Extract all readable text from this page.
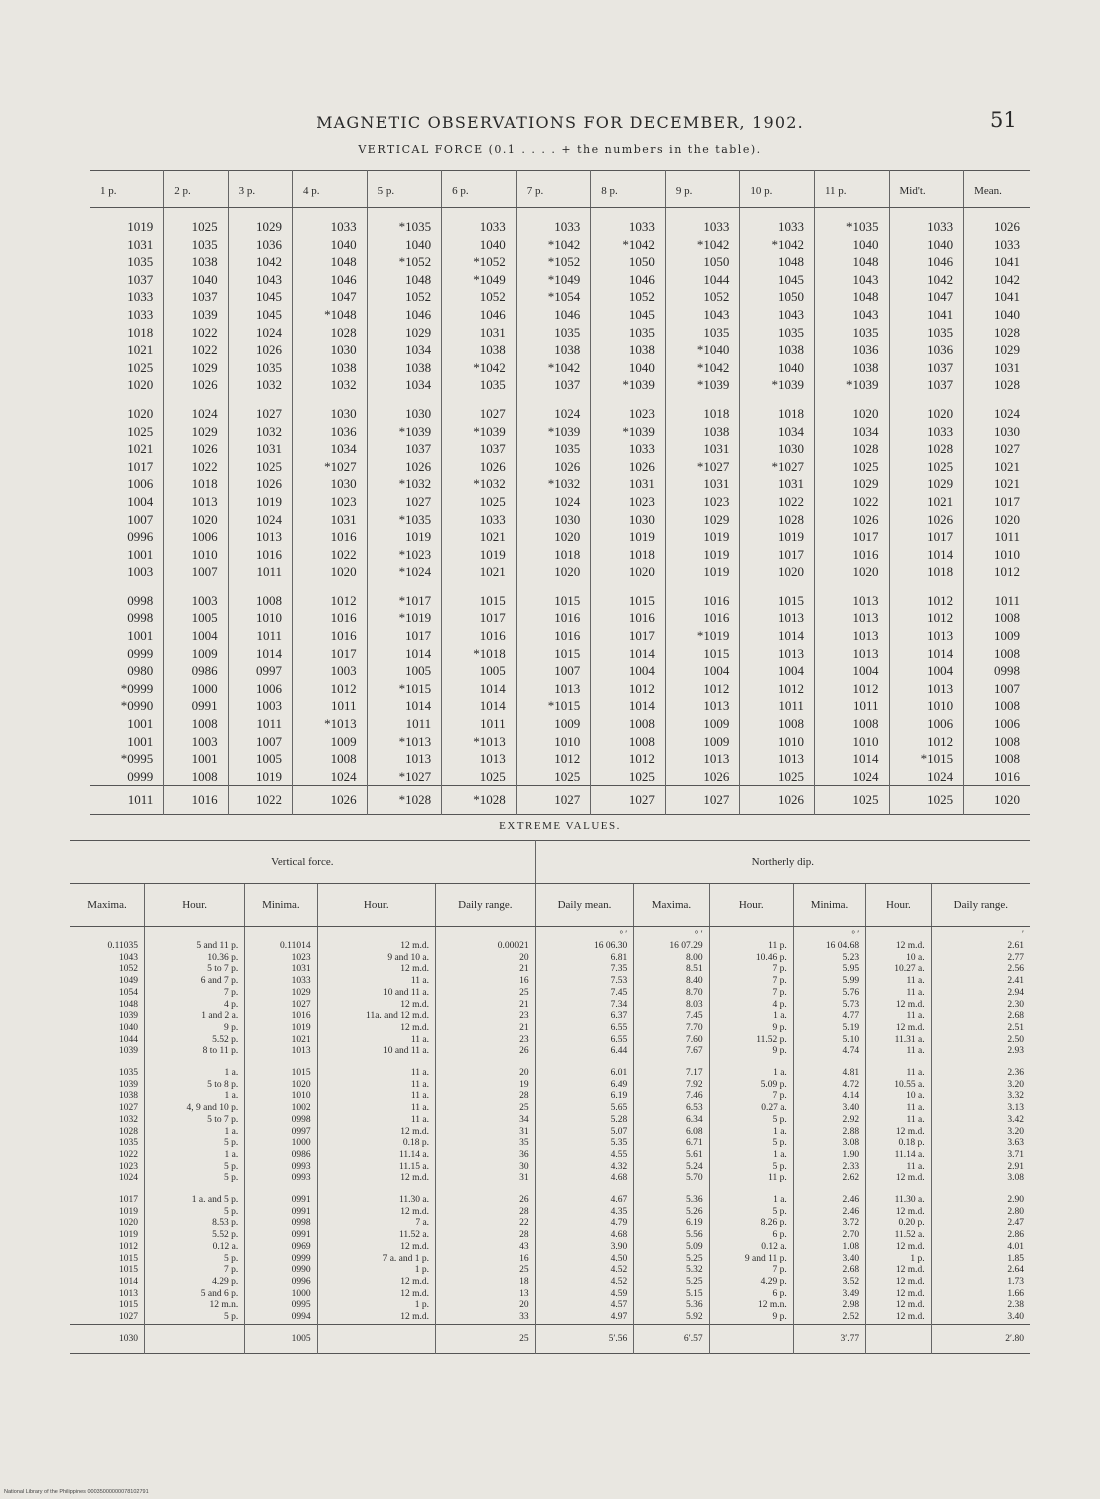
MAGNETIC OBSERVATIONS FOR DECEMBER, 1902.	51
VERTICAL FORCE (0.1 . . . . + the numbers in the table).
1 p.	2 p.	3 p.	4 p.	5 p.	6 p.	7 p.	8 p.	9 p.	10 p.	11 p.	Mid't.	Mean.

1019	1025	1029	1033	*1035	1033	1033	1033	1033	1033	*1035	1033	1026
1031	1035	1036	1040	1040	1040	*1042	*1042	*1042	*1042	1040	1040	1033
1035	1038	1042	1048	*1052	*1052	*1052	1050	1050	1048	1048	1046	1041
1037	1040	1043	1046	1048	*1049	*1049	1046	1044	1045	1043	1042	1042
1033	1037	1045	1047	1052	1052	*1054	1052	1052	1050	1048	1047	1041
1033	1039	1045	*1048	1046	1046	1046	1045	1043	1043	1043	1041	1040
1018	1022	1024	1028	1029	1031	1035	1035	1035	1035	1035	1035	1028
1021	1022	1026	1030	1034	1038	1038	1038	*1040	1038	1036	1036	1029
1025	1029	1035	1038	1038	*1042	*1042	1040	*1042	1040	1038	1037	1031
1020	1026	1032	1032	1034	1035	1037	*1039	*1039	*1039	*1039	1037	1028

1020	1024	1027	1030	1030	1027	1024	1023	1018	1018	1020	1020	1024
1025	1029	1032	1036	*1039	*1039	*1039	*1039	1038	1034	1034	1033	1030
1021	1026	1031	1034	1037	1037	1035	1033	1031	1030	1028	1028	1027
1017	1022	1025	*1027	1026	1026	1026	1026	*1027	*1027	1025	1025	1021
1006	1018	1026	1030	*1032	*1032	*1032	1031	1031	1031	1029	1029	1021
1004	1013	1019	1023	1027	1025	1024	1023	1023	1022	1022	1021	1017
1007	1020	1024	1031	*1035	1033	1030	1030	1029	1028	1026	1026	1020
0996	1006	1013	1016	1019	1021	1020	1019	1019	1019	1017	1017	1011
1001	1010	1016	1022	*1023	1019	1018	1018	1019	1017	1016	1014	1010
1003	1007	1011	1020	*1024	1021	1020	1020	1019	1020	1020	1018	1012

0998	1003	1008	1012	*1017	1015	1015	1015	1016	1015	1013	1012	1011
0998	1005	1010	1016	*1019	1017	1016	1016	1016	1013	1013	1012	1008
1001	1004	1011	1016	1017	1016	1016	1017	*1019	1014	1013	1013	1009
0999	1009	1014	1017	1014	*1018	1015	1014	1015	1013	1013	1014	1008
0980	0986	0997	1003	1005	1005	1007	1004	1004	1004	1004	1004	0998
*0999	1000	1006	1012	*1015	1014	1013	1012	1012	1012	1012	1013	1007
*0990	0991	1003	1011	1014	1014	*1015	1014	1013	1011	1011	1010	1008
1001	1008	1011	*1013	1011	1011	1009	1008	1009	1008	1008	1006	1006
1001	1003	1007	1009	*1013	*1013	1010	1008	1009	1010	1010	1012	1008
*0995	1001	1005	1008	1013	1013	1012	1012	1013	1013	1014	*1015	1008
0999	1008	1019	1024	*1027	1025	1025	1025	1026	1025	1024	1024	1016
1011	1016	1022	1026	*1028	*1028	1027	1027	1027	1026	1025	1025	1020
EXTREME VALUES.
Vertical force.					Northerly dip.					
Maxima.	Hour.	Minima.	Hour.	Daily range.	Daily mean.	Maxima.	Hour.	Minima.	Hour.	Daily range.
					° ′	° ′		° ′		′
0.11035	5 and 11 p.	0.11014	12 m.d.	0.00021	16 06.30	16 07.29	11 p.	16 04.68	12 m.d.	2.61
1043	10.36 p.	1023	9 and 10 a.	20	6.81	8.00	10.46 p.	5.23	10 a.	2.77
1052	5 to 7 p.	1031	12 m.d.	21	7.35	8.51	7 p.	5.95	10.27 a.	2.56
1049	6 and 7 p.	1033	11 a.	16	7.53	8.40	7 p.	5.99	11 a.	2.41
1054	7 p.	1029	10 and 11 a.	25	7.45	8.70	7 p.	5.76	11 a.	2.94
1048	4 p.	1027	12 m.d.	21	7.34	8.03	4 p.	5.73	12 m.d.	2.30
1039	1 and 2 a.	1016	11a. and 12 m.d.	23	6.37	7.45	1 a.	4.77	11 a.	2.68
1040	9 p.	1019	12 m.d.	21	6.55	7.70	9 p.	5.19	12 m.d.	2.51
1044	5.52 p.	1021	11 a.	23	6.55	7.60	11.52 p.	5.10	11.31 a.	2.50
1039	8 to 11 p.	1013	10 and 11 a.	26	6.44	7.67	9 p.	4.74	11 a.	2.93

1035	1 a.	1015	11 a.	20	6.01	7.17	1 a.	4.81	11 a.	2.36
1039	5 to 8 p.	1020	11 a.	19	6.49	7.92	5.09 p.	4.72	10.55 a.	3.20
1038	1 a.	1010	11 a.	28	6.19	7.46	7 p.	4.14	10 a.	3.32
1027	4, 9 and 10 p.	1002	11 a.	25	5.65	6.53	0.27 a.	3.40	11 a.	3.13
1032	5 to 7 p.	0998	11 a.	34	5.28	6.34	5 p.	2.92	11 a.	3.42
1028	1 a.	0997	12 m.d.	31	5.07	6.08	1 a.	2.88	12 m.d.	3.20
1035	5 p.	1000	0.18 p.	35	5.35	6.71	5 p.	3.08	0.18 p.	3.63
1022	1 a.	0986	11.14 a.	36	4.55	5.61	1 a.	1.90	11.14 a.	3.71
1023	5 p.	0993	11.15 a.	30	4.32	5.24	5 p.	2.33	11 a.	2.91
1024	5 p.	0993	12 m.d.	31	4.68	5.70	11 p.	2.62	12 m.d.	3.08

1017	1 a. and 5 p.	0991	11.30 a.	26	4.67	5.36	1 a.	2.46	11.30 a.	2.90
1019	5 p.	0991	12 m.d.	28	4.35	5.26	5 p.	2.46	12 m.d.	2.80
1020	8.53 p.	0998	7 a.	22	4.79	6.19	8.26 p.	3.72	0.20 p.	2.47
1019	5.52 p.	0991	11.52 a.	28	4.68	5.56	6 p.	2.70	11.52 a.	2.86
1012	0.12 a.	0969	12 m.d.	43	3.90	5.09	0.12 a.	1.08	12 m.d.	4.01
1015	5 p.	0999	7 a. and 1 p.	16	4.50	5.25	9 and 11 p.	3.40	1 p.	1.85
1015	7 p.	0990	1 p.	25	4.52	5.32	7 p.	2.68	12 m.d.	2.64
1014	4.29 p.	0996	12 m.d.	18	4.52	5.25	4.29 p.	3.52	12 m.d.	1.73
1013	5 and 6 p.	1000	12 m.d.	13	4.59	5.15	6 p.	3.49	12 m.d.	1.66
1015	12 m.n.	0995	1 p.	20	4.57	5.36	12 m.n.	2.98	12 m.d.	2.38
1027	5 p.	0994	12 m.d.	33	4.97	5.92	9 p.	2.52	12 m.d.	3.40
1030		1005		25	5′.56	6′.57		3′.77		2′.80
National Library of the Philippines 00035000000078102791
